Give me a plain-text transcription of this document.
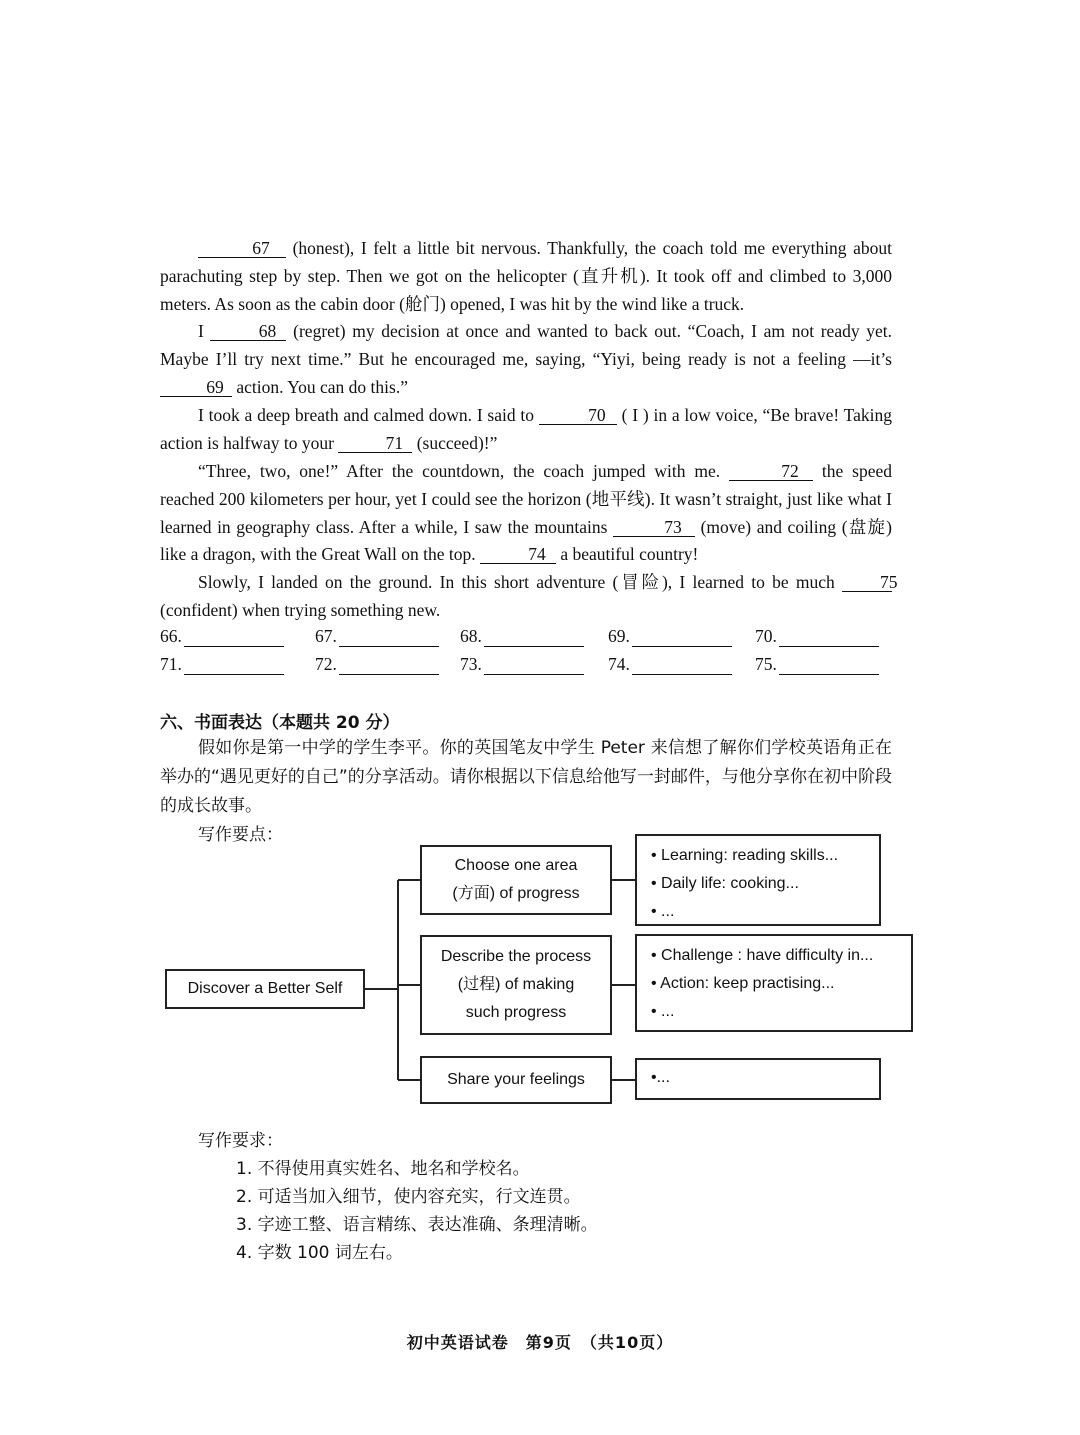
67 (honest), I felt a little bit nervous. Thankfully, the coach told me everything about parachuting step by step. Then we got on the helicopter (直升机). It took off and climbed to 3,000 meters. As soon as the cabin door (舱门) opened, I was hit by the wind like a truck.

I	68 (regret) my decision at once and wanted to back out. “Coach, I am not ready yet. Maybe I’ll try next time.” But he encouraged me, saying, “Yiyi, being ready is not a feeling —it’s 69 action. You can do this.”

I took a deep breath and calmed down. I said to	70 ( I ) in a low voice, “Be brave! Taking action is halfway to your	71 (succeed)!”

“Three, two, one!” After the countdown, the coach jumped with me.	72 the speed reached 200 kilometers per hour, yet I could see the horizon (地平线). It wasn’t straight, just like what I learned in geography class. After a while, I saw the mountains	73 (move) and coiling (盘旋) like a dragon, with the Great Wall on the top.	74 a beautiful country!

Slowly, I landed on the ground. In this short adventure (冒险), I learned to be much	75 (confident) when trying something new.

66.	67.	68.	69.	70.
71.	72.	73.	74.	75.
六、书面表达（本题共 20 分）

假如你是第一中学的学生李平。你的英国笔友中学生 Peter 来信想了解你们学校英语角正在举办的“遇见更好的自己”的分享活动。请你根据以下信息给他写一封邮件，与他分享你在初中阶段的成长故事。

写作要点：
Discover a Better Self
Choose one area
(方面) of progress
Describe the process
(过程) of making
such progress
Share your feelings
• Learning: reading skills...
• Daily life: cooking...
• ...
• Challenge : have difficulty in...
• Action: keep practising...
• ...
•...
写作要求：
1. 不得使用真实姓名、地名和学校名。
2. 可适当加入细节，使内容充实，行文连贯。
3. 字迹工整、语言精练、表达准确、条理清晰。
4. 字数 100 词左右。
初中英语试卷　第9页　（共10页）
